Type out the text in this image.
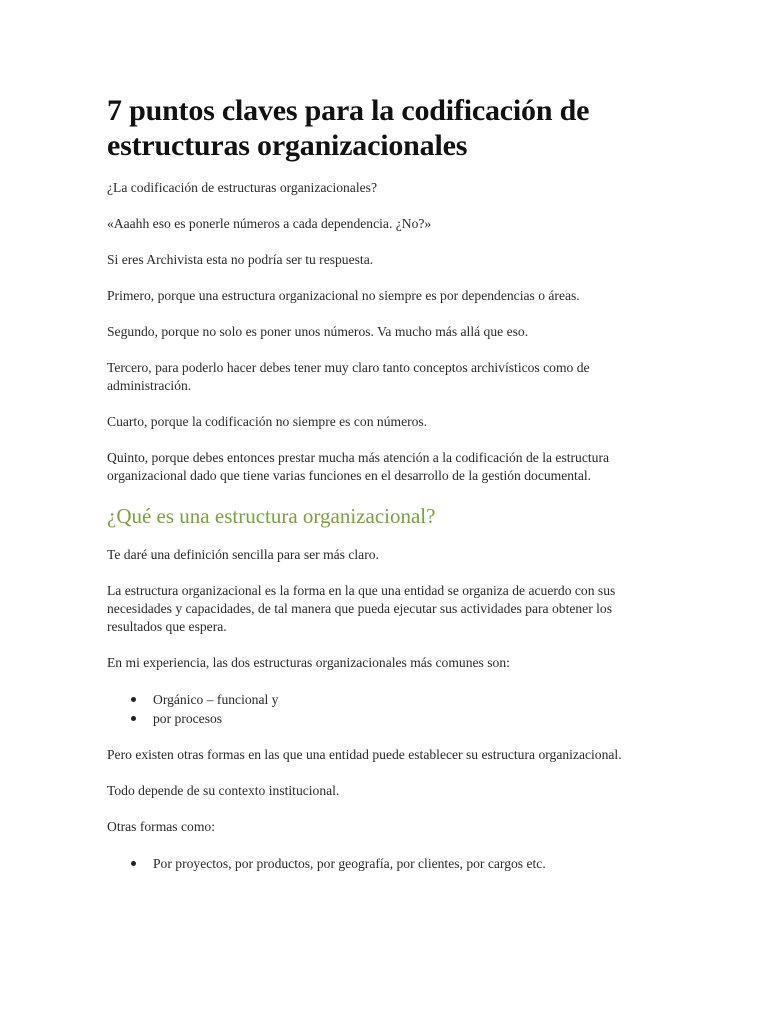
7 puntos claves para la codificación de estructuras organizacionales

¿La codificación de estructuras organizacionales?

«Aaahh eso es ponerle números a cada dependencia. ¿No?»

Si eres Archivista esta no podría ser tu respuesta.

Primero, porque una estructura organizacional no siempre es por dependencias o áreas.

Segundo, porque no solo es poner unos números. Va mucho más allá que eso.

Tercero, para poderlo hacer debes tener muy claro tanto conceptos archivísticos como de administración.

Cuarto, porque la codificación no siempre es con números.

Quinto, porque debes entonces prestar mucha más atención a la codificación de la estructura organizacional dado que tiene varias funciones en el desarrollo de la gestión documental.

¿Qué es una estructura organizacional?

Te daré una definición sencilla para ser más claro.

La estructura organizacional es la forma en la que una entidad se organiza de acuerdo con sus necesidades y capacidades, de tal manera que pueda ejecutar sus actividades para obtener los resultados que espera.

En mi experiencia, las dos estructuras organizacionales más comunes son:

Orgánico – funcional y
por procesos

Pero existen otras formas en las que una entidad puede establecer su estructura organizacional.

Todo depende de su contexto institucional.

Otras formas como:

Por proyectos, por productos, por geografía, por clientes, por cargos etc.
